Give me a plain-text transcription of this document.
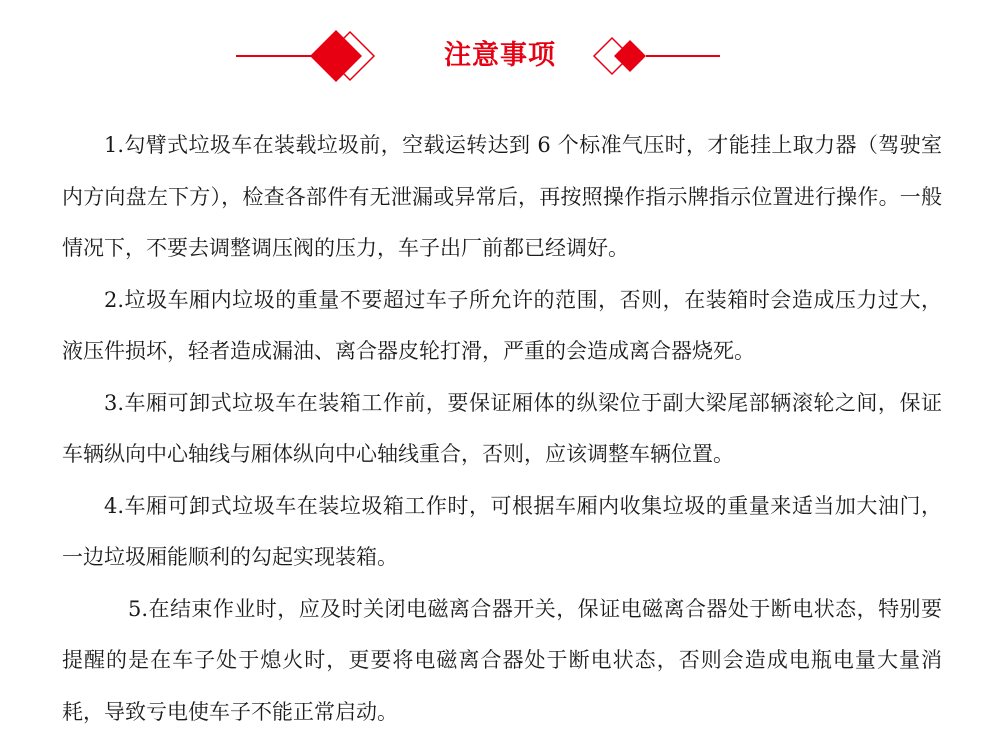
注意事项

1.勾臂式垃圾车在装载垃圾前，空载运转达到 6 个标准气压时，才能挂上取力器（驾驶室内方向盘左下方），检查各部件有无泄漏或异常后，再按照操作指示牌指示位置进行操作。一般情况下，不要去调整调压阀的压力，车子出厂前都已经调好。

2.垃圾车厢内垃圾的重量不要超过车子所允许的范围，否则，在装箱时会造成压力过大，液压件损坏，轻者造成漏油、离合器皮轮打滑，严重的会造成离合器烧死。

3.车厢可卸式垃圾车在装箱工作前，要保证厢体的纵梁位于副大梁尾部辆滚轮之间，保证车辆纵向中心轴线与厢体纵向中心轴线重合，否则，应该调整车辆位置。

4.车厢可卸式垃圾车在装垃圾箱工作时，可根据车厢内收集垃圾的重量来适当加大油门，一边垃圾厢能顺利的勾起实现装箱。

5.在结束作业时，应及时关闭电磁离合器开关，保证电磁离合器处于断电状态，特别要提醒的是在车子处于熄火时，更要将电磁离合器处于断电状态，否则会造成电瓶电量大量消耗，导致亏电使车子不能正常启动。
